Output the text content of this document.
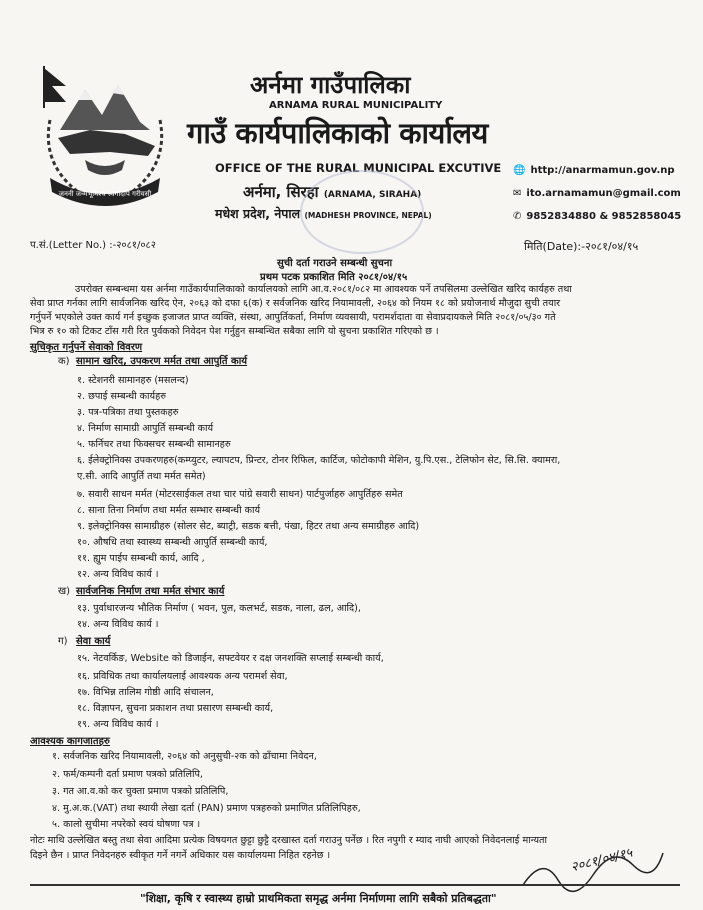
जननी जन्मभूमिश्च स्वर्गादपि गरीयसी
अर्नमा गाउँपालिका
ARNAMA RURAL MUNICIPALITY
गाउँ कार्यपालिकाको कार्यालय
OFFICE OF THE RURAL MUNICIPAL EXCUTIVE
अर्नमा, सिरहा (ARNAMA, SIRAHA)
मधेश प्रदेश, नेपाल (MADHESH PROVINCE, NEPAL)
🌐 http://anarmamun.gov.np
✉ ito.arnamamun@gmail.com
✆ 9852834880 & 9852858045
प.सं.(Letter No.) :-२०८१/०८२	मिति(Date):-२०८१/०४/१५
सुची दर्ता गराउने सम्बन्धी सुचना
प्रथम पटक प्रकाशित मिति २०८१/०४/१५
उपरोक्त सम्बन्धमा यस अर्नमा गाउँकार्यपालिकाको कार्यालयको लागि आ.व.२०८१/०८२ मा आवश्यक पर्ने तपसिलमा उल्लेखित खरिद कार्यहरु तथा
सेवा प्राप्त गर्नका लागि सार्वजनिक खरिद ऐन, २०६३ को दफा ६(क) र सर्वजनिक खरिद नियामावली, २०६४ को नियम १८ को प्रयोजनार्थ मौजुदा सुची तयार
गर्नुपर्ने भएकोले उक्त कार्य गर्न इच्छुक इजाजत प्राप्त व्यक्ति, संस्था, आपुर्तिकर्ता, निर्माण व्यवसायी, परामर्शदाता वा सेवाप्रदायकले मिति २०८१/०५/३० गते
भित्र रु १० को टिकट टाँस गरी रित पुर्वकको निवेदन पेश गर्नुहुन सम्बन्धित सबैका लागि यो सुचना प्रकाशित गरिएको छ ।
सुचिकृत गर्नुपर्ने सेवाको विवरण
क) सामान खरिद, उपकरण मर्मत तथा आपुर्ति कार्य
१. स्टेशनरी सामानहरु (मसलन्द)
२. छपाई सम्बन्धी कार्यहरु
३. पत्र-पत्रिका तथा पुस्तकहरु
४. निर्माण सामाग्री आपुर्ति सम्बन्धी कार्य
५. फर्निचर तथा फिक्सचर सम्बन्धी सामानहरु
६. ईलेक्ट्रोनिक्स उपकरणहरु(कम्प्युटर, ल्यापटप, प्रिन्टर, टोनर रिफिल, कार्टिज, फोटोकापी मेशिन, यु.पि.एस., टेलिफोन सेट, सि.सि. क्यामरा,
ए.सी. आदि आपुर्ति तथा मर्मत समेत)
७. सवारी साधन मर्मत (मोटरसाईकल तथा चार पांग्रे सवारी साधन) पार्टपुर्जाहरु आपुर्तिहरु समेत
८. साना तिना निर्माण तथा मर्मत सम्भार सम्बन्धी कार्य
९. इलेक्ट्रोनिक्स सामाग्रीहरु (सोलर सेट, ब्याट्री, सडक बत्ती, पंखा, हिटर तथा अन्य समाग्रीहरु आदि)
१०. औषधि तथा स्वास्थ्य सम्बन्धी आपुर्ति सम्बन्धी कार्य,
११. ह्युम पाईप सम्बन्धी कार्य, आदि ,
१२. अन्य विविध कार्य ।
ख) सार्वजनिक निर्माण तथा मर्मत संभार कार्य
१३. पुर्वाधारजन्य भौतिक निर्माण ( भवन, पुल, कलभर्ट, सडक, नाला, ढल, आदि),
१४. अन्य विविध कार्य ।
ग) सेवा कार्य
१५. नेटवर्किङ, Website को डिजाईन, सफ्टवेयर र दक्ष जनशक्ति सप्लाई सम्बन्धी कार्य,
१६. प्रविधिक तथा कार्यालयलाई आवश्यक अन्य परामर्श सेवा,
१७. विभिन्न तालिम गोष्ठी आदि संचालन,
१८. विज्ञापन, सुचना प्रकाशन तथा प्रसारण सम्बन्धी कार्य,
१९. अन्य विविध कार्य ।
आवश्यक कागजातहरु
१. सर्वजनिक खरिद नियामावली, २०६४ को अनुसुची-२क को ढाँचामा निवेदन,
२. फर्म/कम्पनी दर्ता प्रमाण पत्रको प्रतिलिपि,
३. गत आ.व.को कर चुक्ता प्रमाण पत्रको प्रतिलिपि,
४. मु.अ.क.(VAT) तथा स्थायी लेखा दर्ता (PAN) प्रमाण पत्रहरुको प्रमाणित प्रतिलिपिहरु,
५. कालो सुचीमा नपरेको स्वयं घोषणा पत्र ।
नोटः माथि उल्लेखित बस्तु तथा सेवा आदिमा प्रत्येक विषयगत छुट्टा छुट्टै दरखास्त दर्ता गराउनु पर्नेछ । रित नपुगी र म्याद नाघी आएको निवेदनलाई मान्यता
दिइने छैन । प्राप्त निवेदनहरु स्वीकृत गर्ने नगर्ने अधिकार यस कार्यालयमा निहित रहनेछ ।	२०८१/०४/१५
"शिक्षा, कृषि र स्वास्थ्य हाम्रो प्राथमिकता समृद्ध अर्नमा निर्माणमा लागि सबैको प्रतिबद्धता"
